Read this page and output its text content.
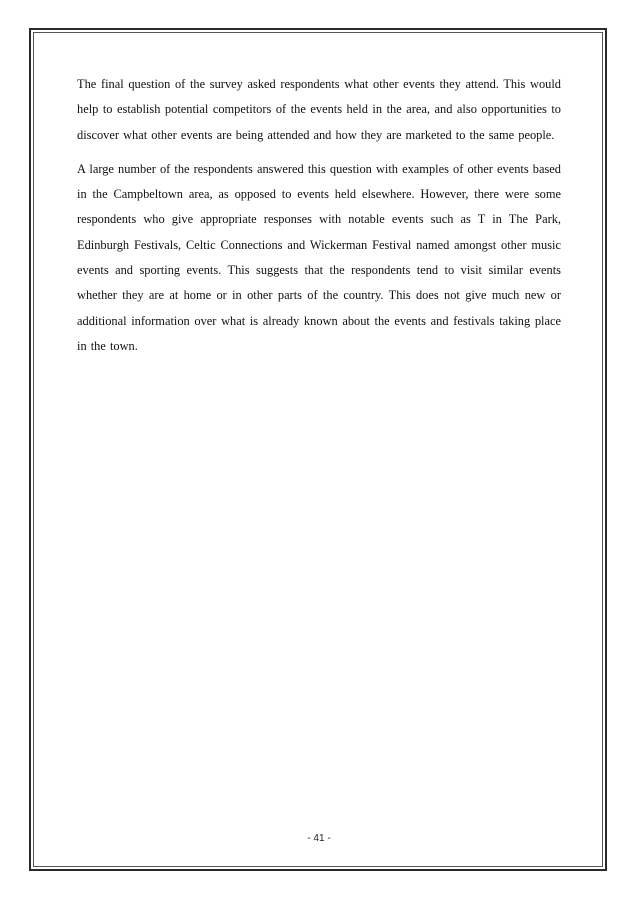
The final question of the survey asked respondents what other events they attend. This would help to establish potential competitors of the events held in the area, and also opportunities to discover what other events are being attended and how they are marketed to the same people.

A large number of the respondents answered this question with examples of other events based in the Campbeltown area, as opposed to events held elsewhere. However, there were some respondents who give appropriate responses with notable events such as T in The Park, Edinburgh Festivals, Celtic Connections and Wickerman Festival named amongst other music events and sporting events. This suggests that the respondents tend to visit similar events whether they are at home or in other parts of the country. This does not give much new or additional information over what is already known about the events and festivals taking place in the town.

- 41 -
